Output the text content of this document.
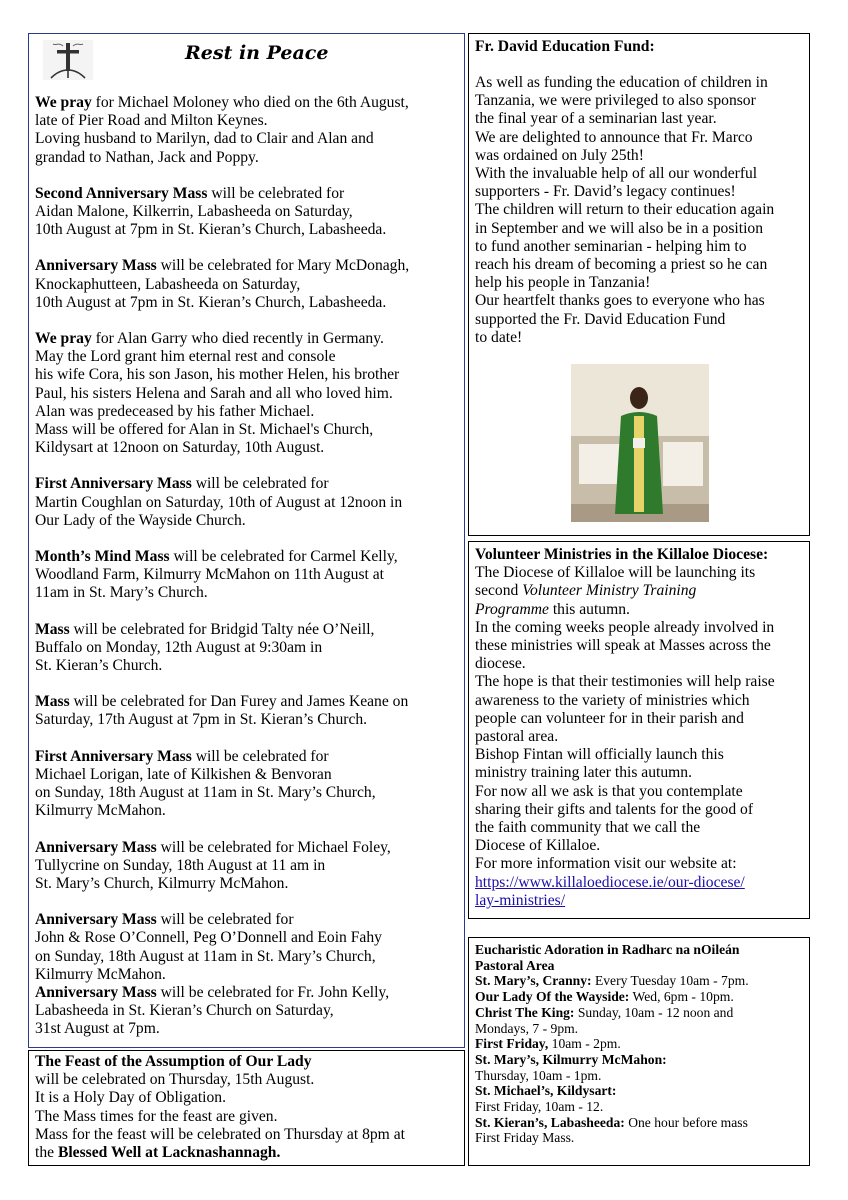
Rest in Peace

We pray for Michael Moloney who died on the 6th August,
late of Pier Road and Milton Keynes.
Loving husband to Marilyn, dad to Clair and Alan and
grandad to Nathan, Jack and Poppy.

Second Anniversary Mass will be celebrated for
Aidan Malone, Kilkerrin, Labasheeda on Saturday,
10th August at 7pm in St. Kieran’s Church, Labasheeda.

Anniversary Mass will be celebrated for Mary McDonagh,
Knockaphutteen, Labasheeda on Saturday,
10th August at 7pm in St. Kieran’s Church, Labasheeda.

We pray for Alan Garry who died recently in Germany.
May the Lord grant him eternal rest and console
his wife Cora, his son Jason, his mother Helen, his brother
Paul, his sisters Helena and Sarah and all who loved him.
Alan was predeceased by his father Michael.
Mass will be offered for Alan in St. Michael's Church,
Kildysart at 12noon on Saturday, 10th August.

First Anniversary Mass will be celebrated for
Martin Coughlan on Saturday, 10th of August at 12noon in
Our Lady of the Wayside Church.

Month’s Mind Mass will be celebrated for Carmel Kelly,
Woodland Farm, Kilmurry McMahon on 11th August at
11am in St. Mary’s Church.

Mass will be celebrated for Bridgid Talty née O’Neill,
Buffalo on Monday, 12th August at 9:30am in
St. Kieran’s Church.

Mass will be celebrated for Dan Furey and James Keane on
Saturday, 17th August at 7pm in St. Kieran’s Church.

First Anniversary Mass will be celebrated for
Michael Lorigan, late of Kilkishen & Benvoran
on Sunday, 18th August at 11am in St. Mary’s Church,
Kilmurry McMahon.

Anniversary Mass will be celebrated for Michael Foley,
Tullycrine on Sunday, 18th August at 11 am in
St. Mary’s Church, Kilmurry McMahon.

Anniversary Mass will be celebrated for
John & Rose O’Connell, Peg O’Donnell and Eoin Fahy
on Sunday, 18th August at 11am in St. Mary’s Church,
Kilmurry McMahon.

Anniversary Mass will be celebrated for Fr. John Kelly,
Labasheeda in St. Kieran’s Church on Saturday,
31st August at 7pm.

The Feast of the Assumption of Our Lady
will be celebrated on Thursday, 15th August.
It is a Holy Day of Obligation.
The Mass times for the feast are given.
Mass for the feast will be celebrated on Thursday at 8pm at
the Blessed Well at Lacknashannagh.

Fr. David Education Fund:

As well as funding the education of children in
Tanzania, we were privileged to also sponsor
the final year of a seminarian last year.
We are delighted to announce that Fr. Marco
was ordained on July 25th!
With the invaluable help of all our wonderful
supporters - Fr. David’s legacy continues!
The children will return to their education again
in September and we will also be in a position
to fund another seminarian - helping him to
reach his dream of becoming a priest so he can
help his people in Tanzania!
Our heartfelt thanks goes to everyone who has
supported the Fr. David Education Fund
to date!

Volunteer Ministries in the Killaloe Diocese:
The Diocese of Killaloe will be launching its
second Volunteer Ministry Training
Programme this autumn.
In the coming weeks people already involved in
these ministries will speak at Masses across the
diocese.
The hope is that their testimonies will help raise
awareness to the variety of ministries which
people can volunteer for in their parish and
pastoral area.
Bishop Fintan will officially launch this
ministry training later this autumn.
For now all we ask is that you contemplate
sharing their gifts and talents for the good of
the faith community that we call the
Diocese of Killaloe.
For more information visit our website at:
https://www.killaloediocese.ie/our-diocese/
lay-ministries/

Eucharistic Adoration in Radharc na nOileán
Pastoral Area

St. Mary’s, Cranny: Every Tuesday 10am - 7pm.

Our Lady Of the Wayside: Wed, 6pm - 10pm.

Christ The King: Sunday, 10am - 12 noon and
Mondays, 7 - 9pm.

First Friday, 10am - 2pm.

St. Mary’s, Kilmurry McMahon:
Thursday, 10am - 1pm.

St. Michael’s, Kildysart:
First Friday, 10am - 12.

St. Kieran’s, Labasheeda: One hour before mass
First Friday Mass.
